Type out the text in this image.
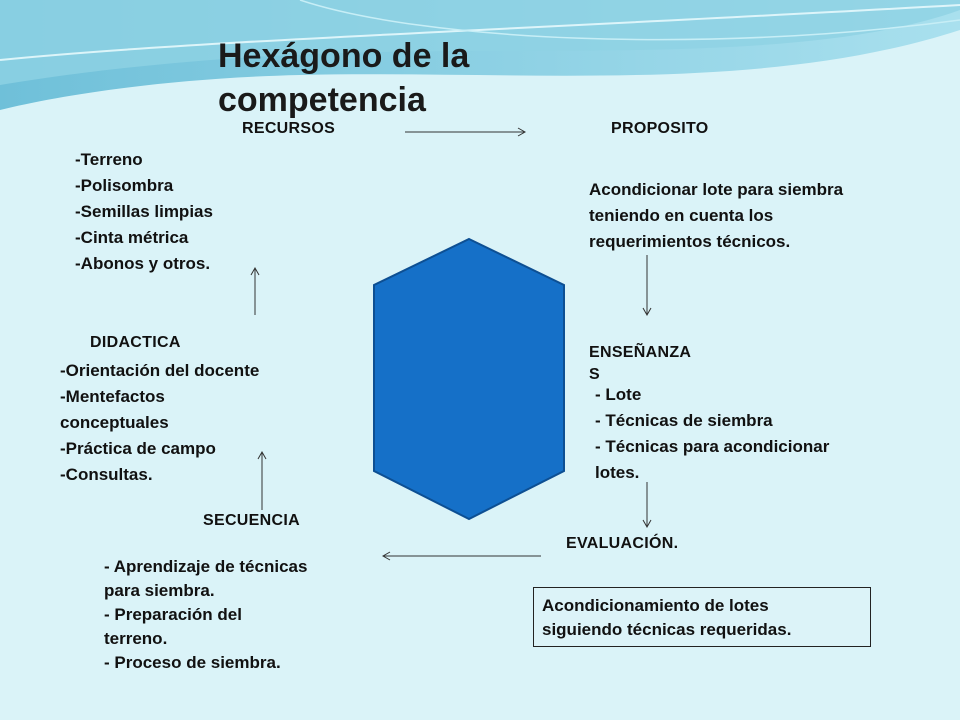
Hexágono de la competencia
RECURSOS
-Terreno
-Polisombra
-Semillas limpias
-Cinta métrica
-Abonos y otros.
PROPOSITO
Acondicionar lote para siembra
teniendo en cuenta los
requerimientos técnicos.
ENSEÑANZA
S
- Lote
- Técnicas de siembra
- Técnicas para acondicionar
lotes.
EVALUACIÓN.
Acondicionamiento de lotes
siguiendo técnicas requeridas.
SECUENCIA
- Aprendizaje de técnicas
para siembra.
- Preparación del
terreno.
- Proceso de siembra.
DIDACTICA
-Orientación del docente
-Mentefactos
conceptuales
-Práctica de campo
-Consultas.
